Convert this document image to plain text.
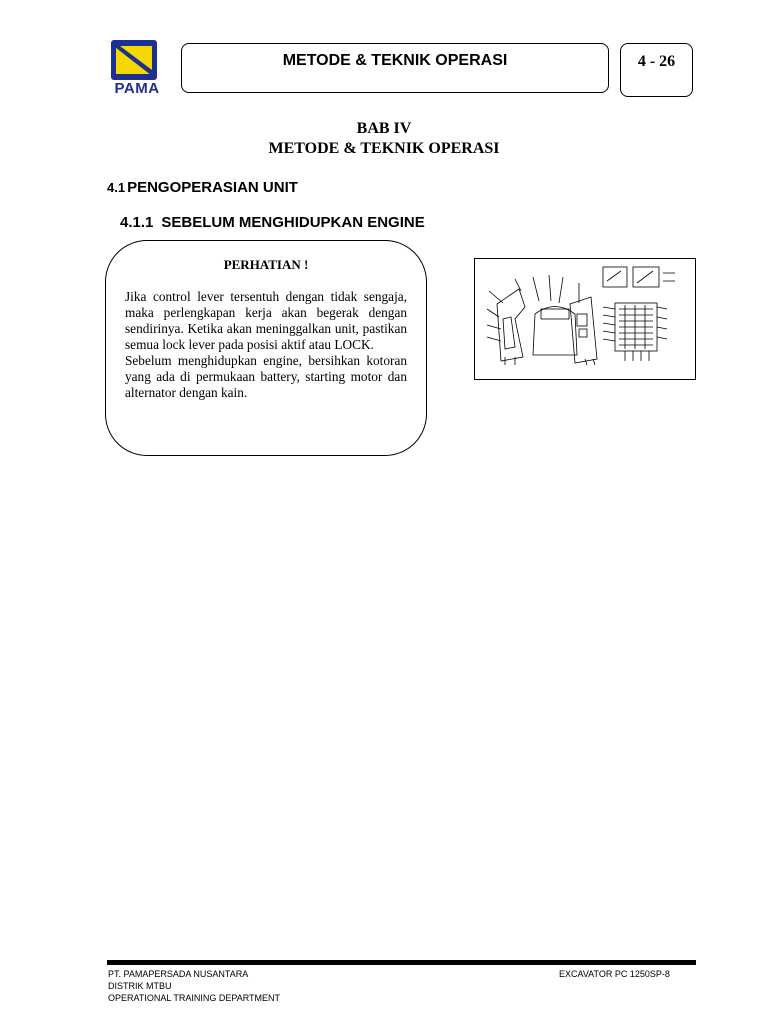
PAMA
METODE & TEKNIK OPERASI	4 - 26
BAB IV
METODE & TEKNIK OPERASI
4.1 PENGOPERASIAN UNIT
4.1.1 SEBELUM MENGHIDUPKAN ENGINE
PERHATIAN !

Jika control lever tersentuh dengan tidak sengaja, maka perlengkapan kerja akan begerak dengan sendirinya. Ketika akan meninggalkan unit, pastikan semua lock lever pada posisi aktif atau LOCK.

Sebelum menghidupkan engine, bersihkan kotoran yang ada di permukaan battery, starting motor dan alternator dengan kain.

PT. PAMAPERSADA NUSANTARA
DISTRIK MTBU
OPERATIONAL TRAINING DEPARTMENT
EXCAVATOR PC 1250SP-8
